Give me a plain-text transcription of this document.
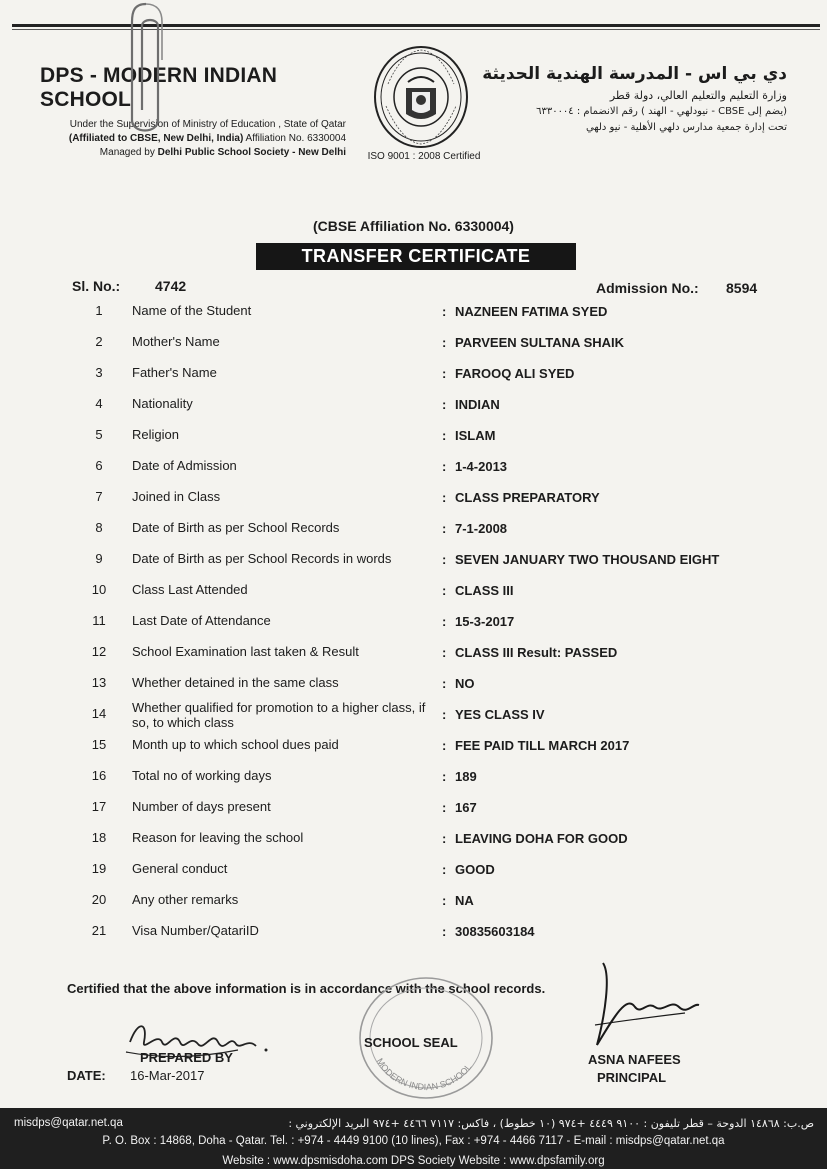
DPS - MODERN INDIAN SCHOOL
Under the Supervision of Ministry of Education , State of Qatar
(Affiliated to CBSE, New Delhi, India) Affiliation No. 6330004
Managed by Delhi Public School Society - New Delhi	ISO 9001 : 2008 Certified
دي بي اس - المدرسة الهندية الحديثة
وزارة التعليم والتعليم العالي، دولة قطر
(يضم إلى CBSE - نيودلهي - الهند ) رقم الانضمام : ٦٣٣٠٠٠٤
تحت إدارة جمعية مدارس دلهي الأهلية - نيو دلهي
(CBSE Affiliation No. 6330004)
TRANSFER CERTIFICATE
Sl. No.: 4742	Admission No.: 8594
1	Name of the Student	: NAZNEEN FATIMA SYED
2	Mother's Name	: PARVEEN SULTANA SHAIK
3	Father's Name	: FAROOQ ALI SYED
4	Nationality	: INDIAN
5	Religion	: ISLAM
6	Date of Admission	: 1-4-2013
7	Joined in Class	: CLASS PREPARATORY
8	Date of Birth as per School Records	: 7-1-2008
9	Date of Birth as per School Records in words	: SEVEN JANUARY TWO THOUSAND EIGHT
10	Class Last Attended	: CLASS III
11	Last Date of Attendance	: 15-3-2017
12	School Examination last taken & Result	: CLASS III Result: PASSED
13	Whether detained in the same class	: NO
14	Whether qualified for promotion to a higher class, if so, to which class
: YES CLASS IV
15	Month up to which school dues paid	: FEE PAID TILL MARCH 2017
16	Total no of working days	: 189
17	Number of days present	: 167
18	Reason for leaving the school	: LEAVING DOHA FOR GOOD
19	General conduct	: GOOD
20	Any other remarks	: NA
21	Visa Number/QatariID	: 30835603184
Certified that the above information is in accordance with the school records.
MODERN INDIAN SCHOOL
SCHOOL SEAL
PREPARED BY
DATE: 16-Mar-2017
ASNA NAFEES
PRINCIPAL
misdps@qatar.net.qa	ص.ب: ١٤٨٦٨ الدوحة – قطر تليفون : ٩١٠٠ ٤٤٤٩ +٩٧٤ (١٠ خطوط) ، فاكس: ٧١١٧ ٤٤٦٦ +٩٧٤ البريد الإلكتروني :
P. O. Box : 14868, Doha - Qatar. Tel. : +974 - 4449 9100 (10 lines), Fax : +974 - 4466 7117 - E-mail : misdps@qatar.net.qa
Website : www.dpsmisdoha.com DPS Society Website : www.dpsfamily.org
